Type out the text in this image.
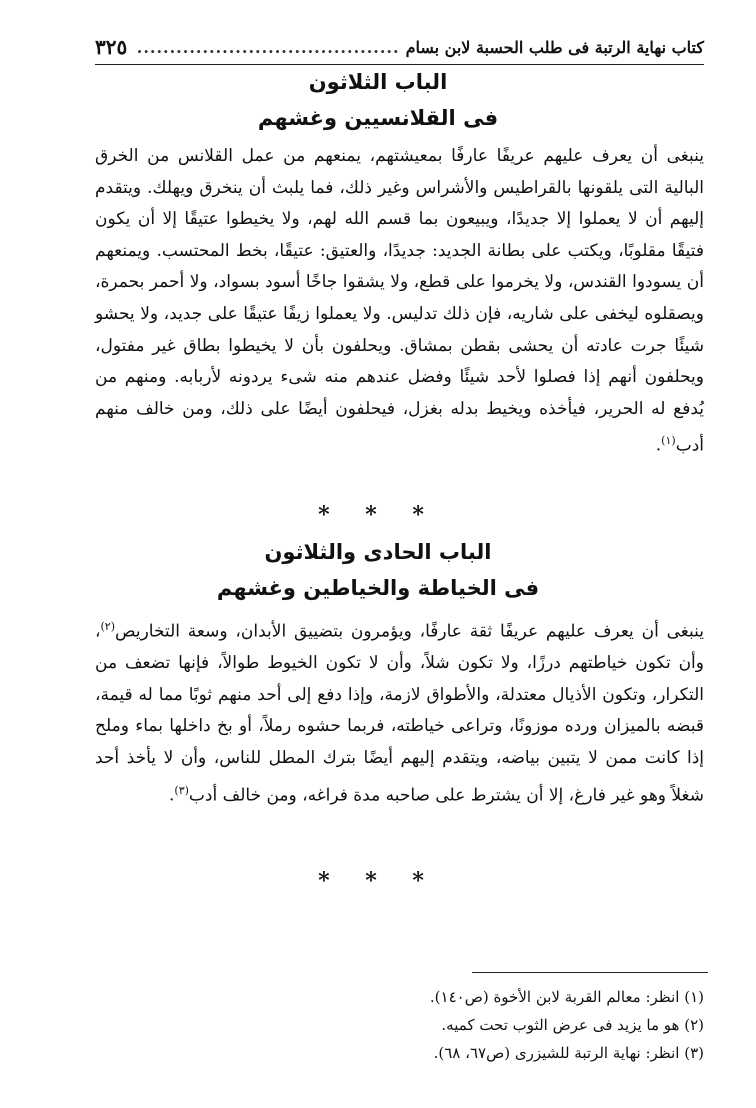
كتاب نهاية الرتبة فى طلب الحسبة لابن بسام
........................................
٣٢٥
الباب الثلاثون
فى القلانسيين وغشهم
ينبغى أن يعرف عليهم عريفًا عارفًا بمعيشتهم، يمنعهم من عمل القلانس من الخرق البالية التى يلقونها بالقراطيس والأشراس وغير ذلك، فما يلبث أن ينخرق ويهلك. ويتقدم إليهم أن لا يعملوا إلا جديدًا، ويبيعون بما قسم الله لهم، ولا يخيطوا عتيقًا إلا أن يكون فتيقًا مقلوبًا، ويكتب على بطانة الجديد: جديدًا، والعتيق: عتيقًا، بخط المحتسب. ويمنعهم أن يسودوا القندس، ولا يخرموا على قطع، ولا يشقوا جاخًا أسود بسواد، ولا أحمر بحمرة، ويصقلوه ليخفى على شاريه، فإن ذلك تدليس. ولا يعملوا زيفًا عتيقًا على جديد، ولا يحشو شيئًا جرت عادته أن يحشى بقطن بمشاق. ويحلفون بأن لا يخيطوا بطاق غير مفتول، ويحلفون أنهم إذا فصلوا لأحد شيئًا وفضل عندهم منه شىء يردونه لأربابه. ومنهم من يُدفع له الحرير، فيأخذه ويخيط بدله بغزل، فيحلفون أيضًا على ذلك، ومن خالف منهم أدب$^{(١)}$.
* * *
الباب الحادى والثلاثون
فى الخياطة والخياطين وغشهم
ينبغى أن يعرف عليهم عريفًا ثقة عارفًا، ويؤمرون بتضييق الأبدان، وسعة التخاريص$^{(٢)}$، وأن تكون خياطتهم درزًا، ولا تكون شلاً، وأن لا تكون الخيوط طوالاً، فإنها تضعف من التكرار، وتكون الأذيال معتدلة، والأطواق لازمة، وإذا دفع إلى أحد منهم ثوبًا مما له قيمة، قبضه بالميزان ورده موزونًا، وتراعى خياطته، فربما حشوه رملاً، أو بخ داخلها بماء وملح إذا كانت ممن لا يتبين بياضه، ويتقدم إليهم أيضًا بترك المطل للناس، وأن لا يأخذ أحد شغلاً وهو غير فارغ، إلا أن يشترط على صاحبه مدة فراغه، ومن خالف أدب$^{(٣)}$.
* * *
(١) انظر: معالم القربة لابن الأخوة (ص١٤٠).
(٢) هو ما يزيد فى عرض الثوب تحت كميه.
(٣) انظر: نهاية الرتبة للشيزرى (ص٦٧، ٦٨).
